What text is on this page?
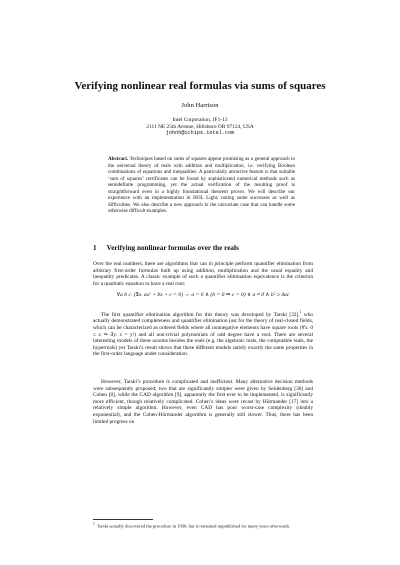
Verifying nonlinear real formulas via sums of squares
John Harrison
Intel Corporation, JF1-13
2111 NE 25th Avenue, Hillsboro OR 97124, USA
johnh@ichips.intel.com
Abstract. Techniques based on sums of squares appear promising as a general approach to the universal theory of reals with addition and multiplication, i.e. verifying Boolean combinations of equations and inequalities. A particularly attractive feature is that suitable ‘sum of squares’ certificates can be found by sophisticated numerical methods such as semidefinite programming, yet the actual verification of the resulting proof is straightforward even in a highly foundational theorem prover. We will describe our experience with an implementation in HOL Light, noting some successes as well as difficulties. We also describe a new approach to the univariate case that can handle some otherwise difficult examples.
1 Verifying nonlinear formulas over the reals
Over the real numbers, there are algorithms that can in principle perform quantifier elimination from arbitrary first-order formulas built up using addition, multiplication and the usual equality and inequality predicates. A classic example of such a quantifier elimination equivalence is the criterion for a quadratic equation to have a real root:
∀a b c. (∃x. ax² + bx + c = 0) ⇔ a = 0 ∧ (b = 0 ⇒ c = 0) ∨ a ≠ 0 ∧ b² ≥ 4ac
The first quantifier elimination algorithm for this theory was developed by Tarski [32],$^1$ who actually demonstrated completeness and quantifier elimination just for the theory of real-closed fields, which can be characterized as ordered fields where all nonnegative elements have square roots (∀x. 0 ≤ x ⇒ ∃y. x = y²) and all non-trivial polynomials of odd degree have a root. There are several interesting models of these axioms besides the reals (e.g. the algebraic reals, the computable reals, the hyperreals) yet Tarski’s result shows that these different models satisfy exactly the same properties in the first-order language under consideration.
However, Tarski’s procedure is complicated and inefficient. Many alternative decision methods were subsequently proposed; two that are significantly simpler were given by Seidenberg [30] and Cohen [8], while the CAD algorithm [9], apparently the first ever to be implemented, is significantly more efficient, though relatively complicated. Cohen’s ideas were recast by Hörmander [17] into a relatively simple algorithm. However, even CAD has poor worst-case complexity (doubly exponential), and the Cohen-Hörmander algorithm is generally still slower. Thus, there has been limited progress on
$^1$ Tarski actually discovered the procedure in 1930, but it remained unpublished for many years afterwards.
